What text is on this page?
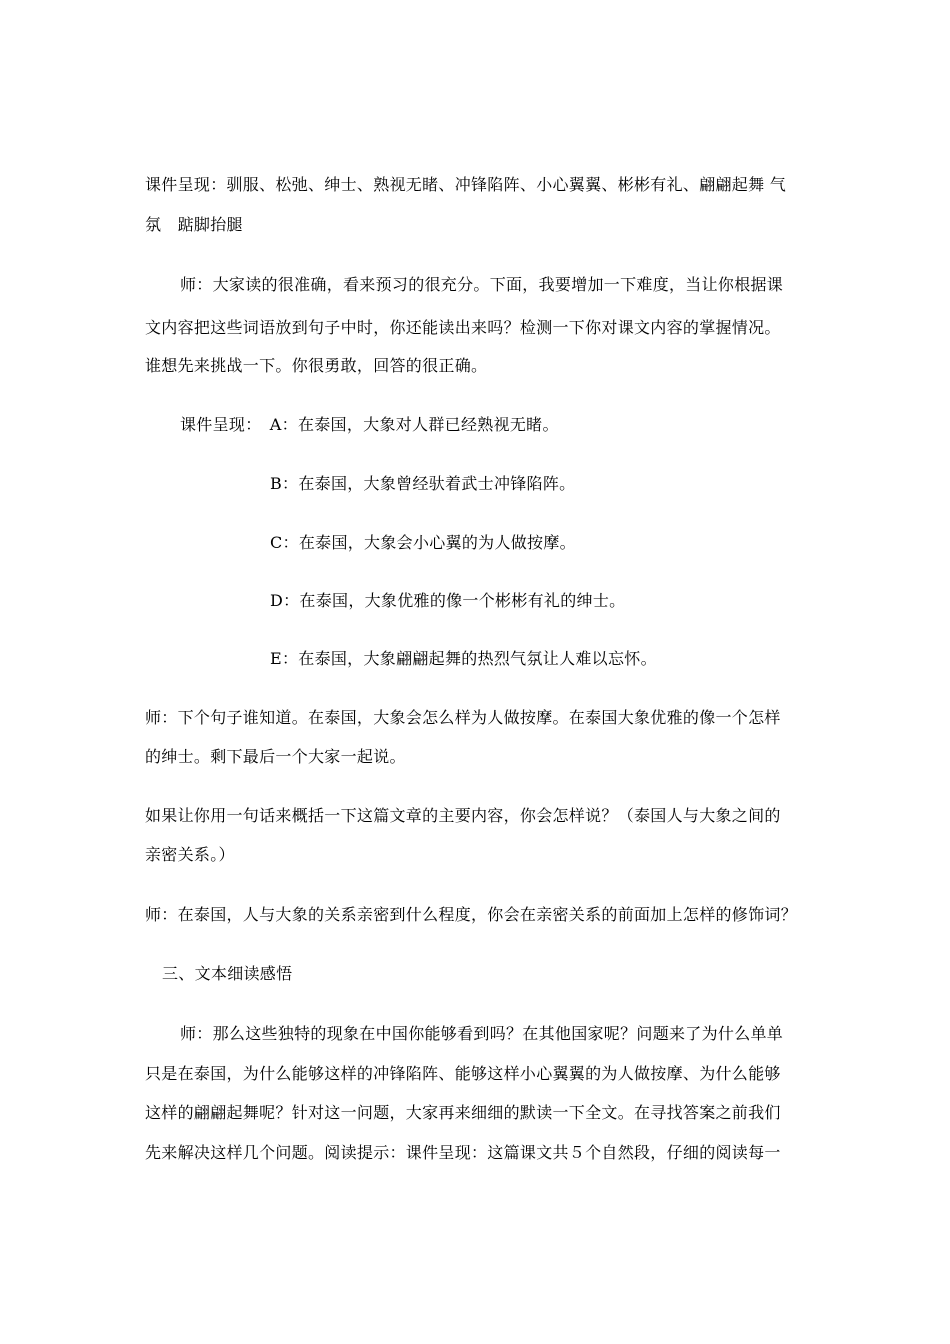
课件呈现：驯服、松弛、绅士、熟视无睹、冲锋陷阵、小心翼翼、彬彬有礼、翩翩起舞 气
氛　踮脚抬腿
师：大家读的很准确，看来预习的很充分。下面，我要增加一下难度，当让你根据课
文内容把这些词语放到句子中时，你还能读出来吗？检测一下你对课文内容的掌握情况。
谁想先来挑战一下。你很勇敢，回答的很正确。
课件呈现：　A：在泰国，大象对人群已经熟视无睹。
B：在泰国，大象曾经驮着武士冲锋陷阵。
C：在泰国，大象会小心翼的为人做按摩。
D：在泰国，大象优雅的像一个彬彬有礼的绅士。
E：在泰国，大象翩翩起舞的热烈气氛让人难以忘怀。
师：下个句子谁知道。在泰国，大象会怎么样为人做按摩。在泰国大象优雅的像一个怎样
的绅士。剩下最后一个大家一起说。
如果让你用一句话来概括一下这篇文章的主要内容，你会怎样说？（泰国人与大象之间的
亲密关系。）
师：在泰国，人与大象的关系亲密到什么程度，你会在亲密关系的前面加上怎样的修饰词？
三、文本细读感悟
师：那么这些独特的现象在中国你能够看到吗？在其他国家呢？问题来了为什么单单
只是在泰国，为什么能够这样的冲锋陷阵、能够这样小心翼翼的为人做按摩、为什么能够
这样的翩翩起舞呢？针对这一问题，大家再来细细的默读一下全文。在寻找答案之前我们
先来解决这样几个问题。阅读提示：课件呈现：这篇课文共５个自然段，仔细的阅读每一
